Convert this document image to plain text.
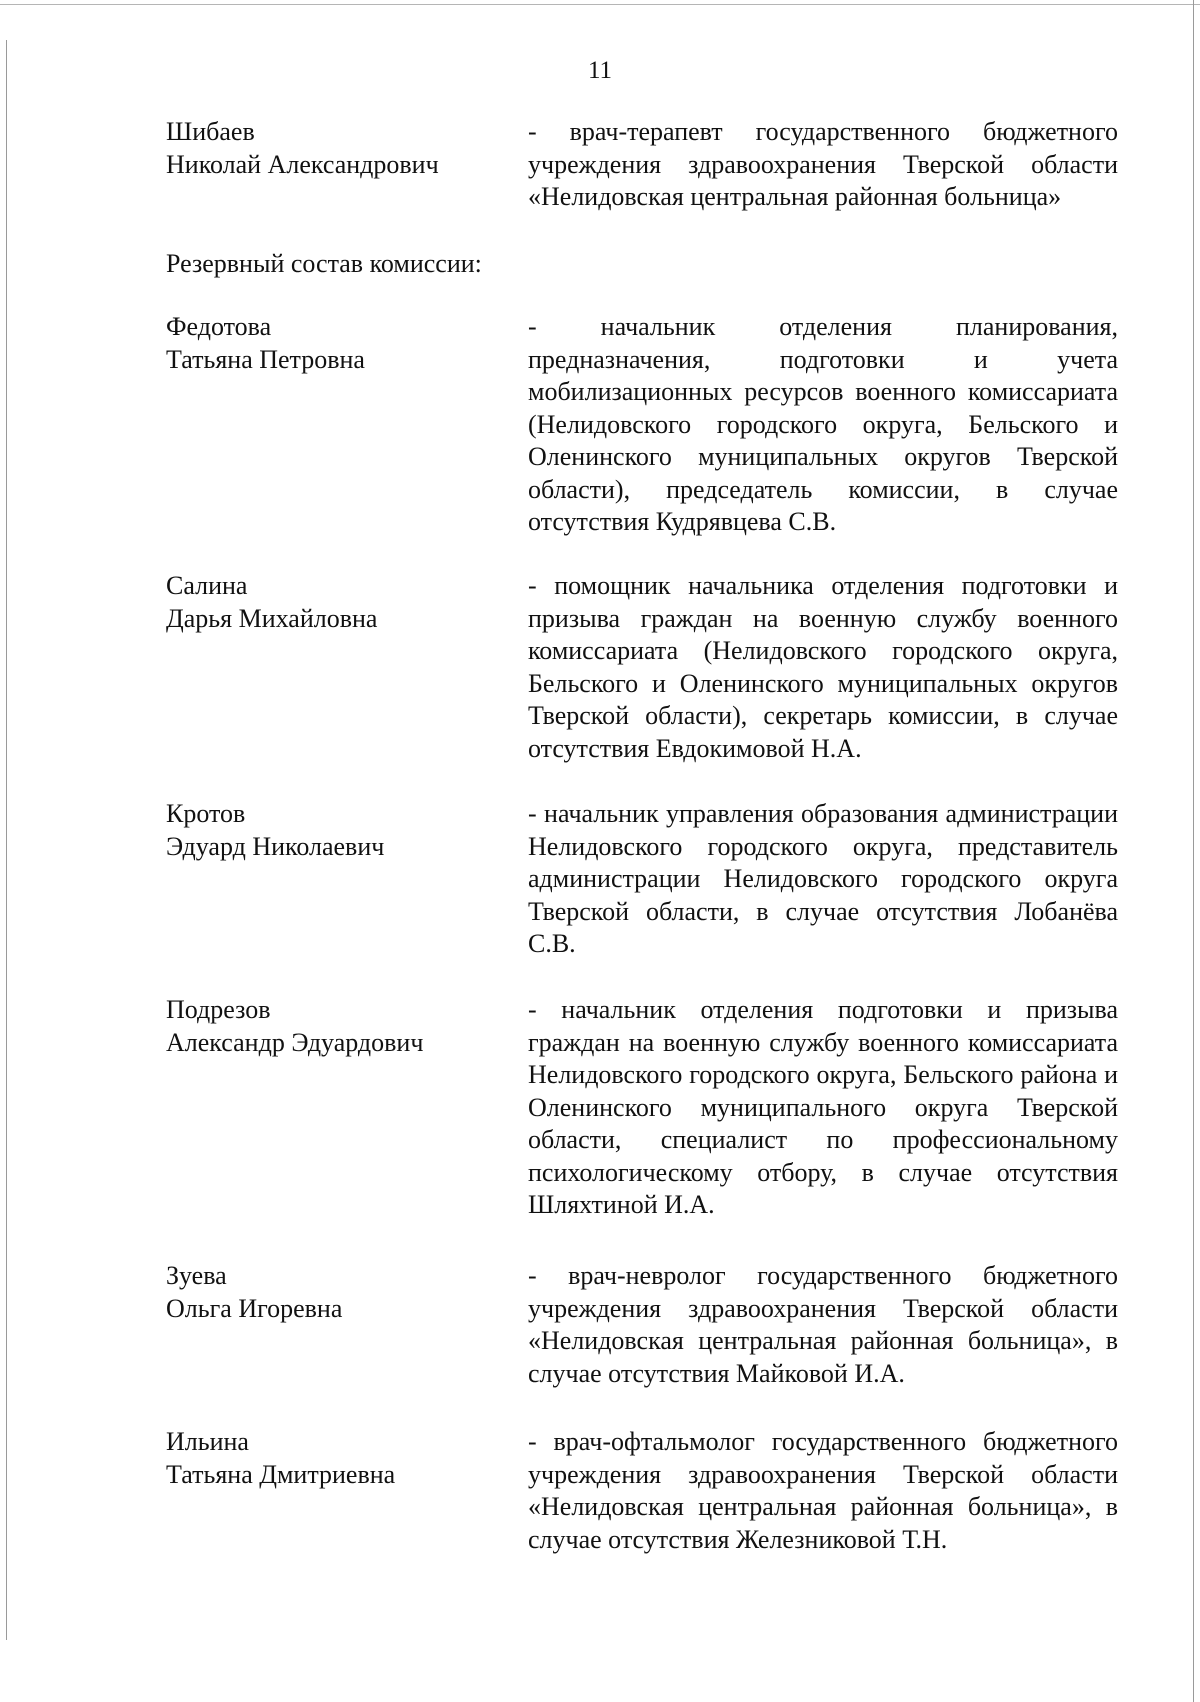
11
Шибаев
Николай Александрович
- врач-терапевт государственного бюджетного учреждения здравоохранения Тверской области «Нелидовская центральная районная больница»
Резервный состав комиссии:
Федотова
Татьяна Петровна
- начальник отделения планирования, предназначения, подготовки и учета мобилизационных ресурсов военного комиссариата (Нелидовского городского округа, Бельского и Оленинского муниципальных округов Тверской области), председатель комиссии, в случае отсутствия Кудрявцева С.В.
Салина
Дарья Михайловна
- помощник начальника отделения подготовки и призыва граждан на военную службу военного комиссариата (Нелидовского городского округа, Бельского и Оленинского муниципальных округов Тверской области), секретарь комиссии, в случае отсутствия Евдокимовой Н.А.
Кротов
Эдуард Николаевич
- начальник управления образования администрации Нелидовского городского округа, представитель администрации Нелидовского городского округа Тверской области, в случае отсутствия Лобанёва С.В.
Подрезов
Александр Эдуардович
- начальник отделения подготовки и призыва граждан на военную службу военного комиссариата Нелидовского городского округа, Бельского района и Оленинского муниципального округа Тверской области, специалист по профессиональному психологическому отбору, в случае отсутствия Шляхтиной И.А.
Зуева
Ольга Игоревна
- врач-невролог государственного бюджетного учреждения здравоохранения Тверской области «Нелидовская центральная районная больница», в случае отсутствия Майковой И.А.
Ильина
Татьяна Дмитриевна
- врач-офтальмолог государственного бюджетного учреждения здравоохранения Тверской области «Нелидовская центральная районная больница», в случае отсутствия Железниковой Т.Н.
